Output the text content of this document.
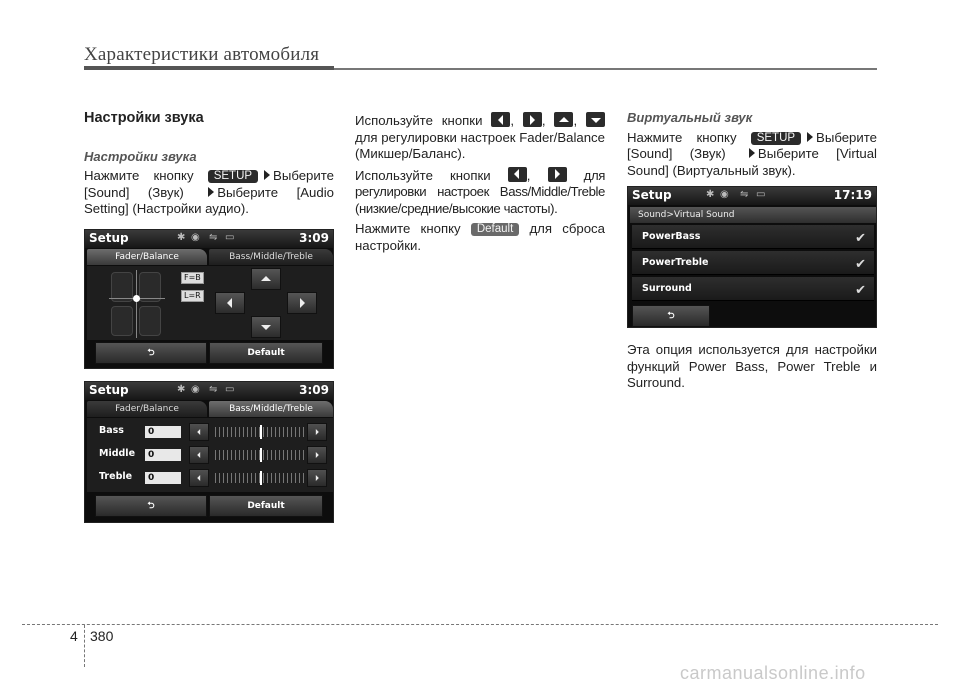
Характеристики автомобиля
Настройки звука
Настройки звука

Нажмите кнопку SETUP Выберите [Sound] (Звук) Выберите [Audio Setting] (Настройки аудио).

Setup	✱ ◉ ⇋ ▭	3:09
Fader/Balance	Bass/Middle/Treble
F=B
L=R
⮌	Default
Setup	✱ ◉ ⇋ ▭	3:09
Fader/Balance	Bass/Middle/Treble
Bass	0
Middle	0
Treble	0
⮌	Default

Используйте кнопки , , ,  для регулировки настроек Fader/Balance (Микшер/Баланс).

Используйте кнопки ,	для регулировки настроек Bass/Middle/Treble (низкие/средние/высокие частоты).

Нажмите кнопку Default для сброса настройки.

Виртуальный звук

Нажмите кнопку SETUP Выберите [Sound] (Звук) Выберите [Virtual Sound] (Виртуальный звук).

Setup	✱ ◉ ⇋ ▭	17:19
Sound>Virtual Sound
PowerBass	✔
PowerTreble	✔
Surround	✔
⮌

Эта опция используется для настройки функций Power Bass, Power Treble и Surround.

4 380
carmanualsonline.info
